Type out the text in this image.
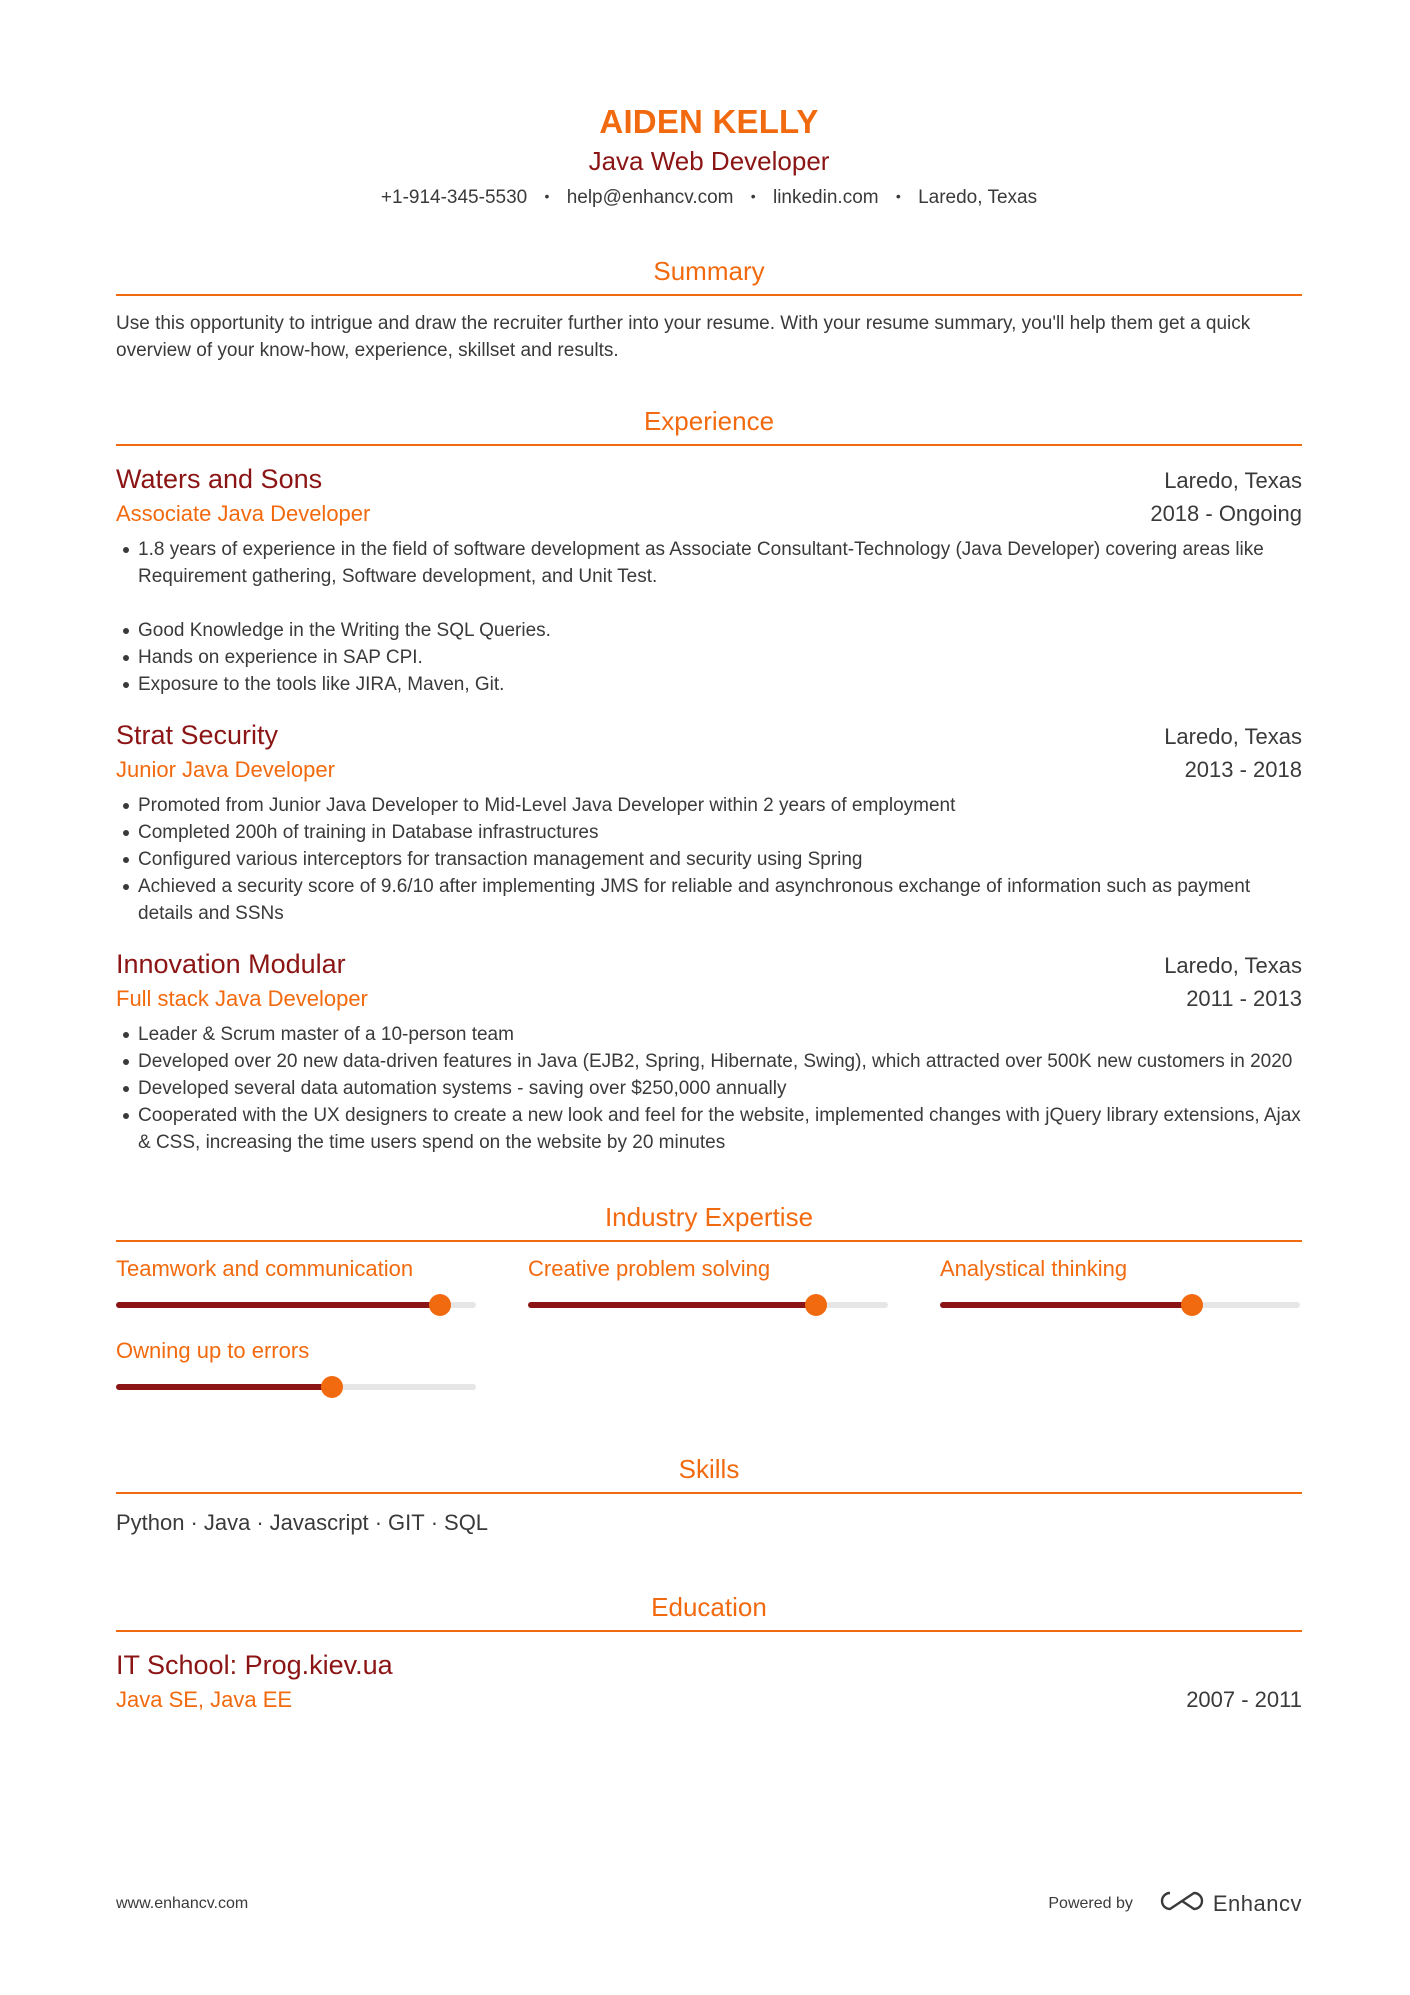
AIDEN KELLY
Java Web Developer
+1-914-345-5530 • help@enhancv.com • linkedin.com • Laredo, Texas
Summary
Use this opportunity to intrigue and draw the recruiter further into your resume. With your resume summary, you'll help them get a quick overview of your know-how, experience, skillset and results.
Experience
Waters and Sons	Laredo, Texas
Associate Java Developer	2018 - Ongoing
1.8 years of experience in the field of software development as Associate Consultant-Technology (Java Developer) covering areas like Requirement gathering, Software development, and Unit Test.
Good Knowledge in the Writing the SQL Queries.
Hands on experience in SAP CPI.
Exposure to the tools like JIRA, Maven, Git.
Strat Security	Laredo, Texas
Junior Java Developer	2013 - 2018
Promoted from Junior Java Developer to Mid-Level Java Developer within 2 years of employment
Completed 200h of training in Database infrastructures
Configured various interceptors for transaction management and security using Spring
Achieved a security score of 9.6/10 after implementing JMS for reliable and asynchronous exchange of information such as payment details and SSNs
Innovation Modular	Laredo, Texas
Full stack Java Developer	2011 - 2013
Leader & Scrum master of a 10-person team
Developed over 20 new data-driven features in Java (EJB2, Spring, Hibernate, Swing), which attracted over 500K new customers in 2020
Developed several data automation systems - saving over $250,000 annually
Cooperated with the UX designers to create a new look and feel for the website, implemented changes with jQuery library extensions, Ajax & CSS, increasing the time users spend on the website by 20 minutes
Industry Expertise
Teamwork and communication	Creative problem solving	Analystical thinking
Owning up to errors
Skills
Python · Java · Javascript · GIT · SQL
Education
IT School: Prog.kiev.ua
Java SE, Java EE	2007 - 2011
www.enhancv.com	Powered by	Enhancv
